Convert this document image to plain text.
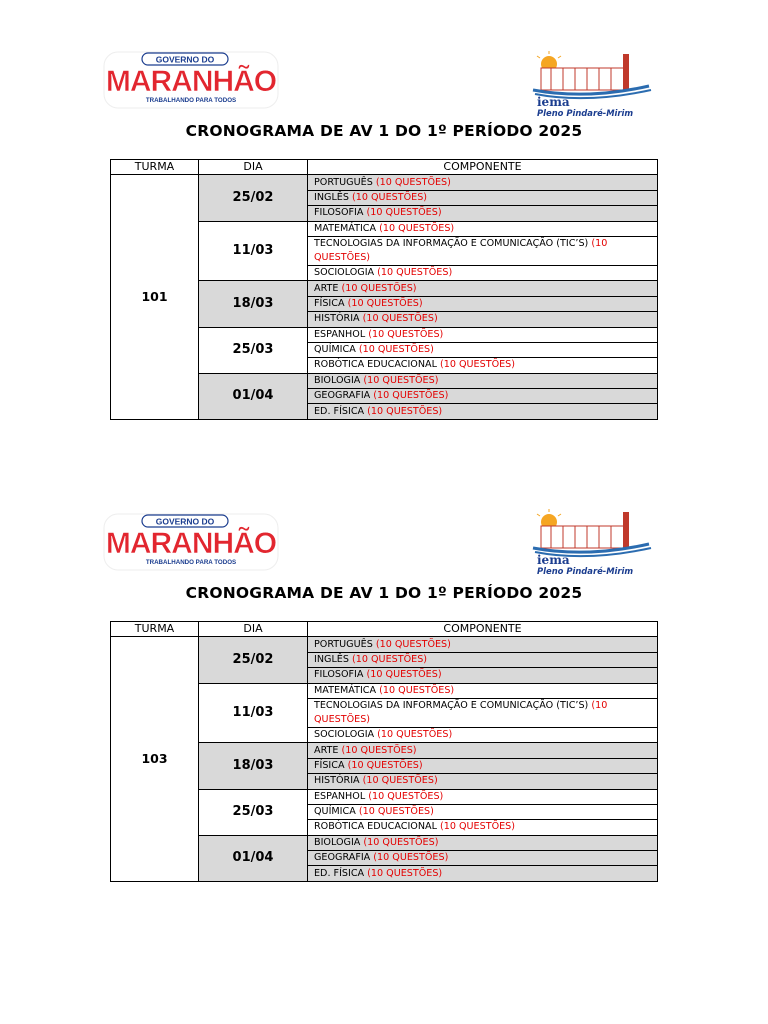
GOVERNO DO
MARANHÃO
TRABALHANDO PARA TODOS	iema
Pleno Pindaré-Mirim
CRONOGRAMA DE AV 1 DO 1º PERÍODO 2025
TURMA	DIA	COMPONENTE
101	25/02	PORTUGUÊS (10 QUESTÕES)
		INGLÊS (10 QUESTÕES)
		FILOSOFIA (10 QUESTÕES)
	11/03	MATEMÁTICA (10 QUESTÕES)
		TECNOLOGIAS DA INFORMAÇÃO E COMUNICAÇÃO (TIC’S) (10 QUESTÕES)
		SOCIOLOGIA (10 QUESTÕES)
	18/03	ARTE (10 QUESTÕES)
		FÍSICA (10 QUESTÕES)
		HISTÓRIA (10 QUESTÕES)
	25/03	ESPANHOL (10 QUESTÕES)
		QUÍMICA (10 QUESTÕES)
		ROBÓTICA EDUCACIONAL (10 QUESTÕES)
	01/04	BIOLOGIA (10 QUESTÕES)
		GEOGRAFIA (10 QUESTÕES)
		ED. FÍSICA (10 QUESTÕES)
GOVERNO DO
MARANHÃO
TRABALHANDO PARA TODOS	iema
Pleno Pindaré-Mirim
CRONOGRAMA DE AV 1 DO 1º PERÍODO 2025
TURMA	DIA	COMPONENTE
103	25/02	PORTUGUÊS (10 QUESTÕES)
		INGLÊS (10 QUESTÕES)
		FILOSOFIA (10 QUESTÕES)
	11/03	MATEMÁTICA (10 QUESTÕES)
		TECNOLOGIAS DA INFORMAÇÃO E COMUNICAÇÃO (TIC’S) (10 QUESTÕES)
		SOCIOLOGIA (10 QUESTÕES)
	18/03	ARTE (10 QUESTÕES)
		FÍSICA (10 QUESTÕES)
		HISTÓRIA (10 QUESTÕES)
	25/03	ESPANHOL (10 QUESTÕES)
		QUÍMICA (10 QUESTÕES)
		ROBÓTICA EDUCACIONAL (10 QUESTÕES)
	01/04	BIOLOGIA (10 QUESTÕES)
		GEOGRAFIA (10 QUESTÕES)
		ED. FÍSICA (10 QUESTÕES)
